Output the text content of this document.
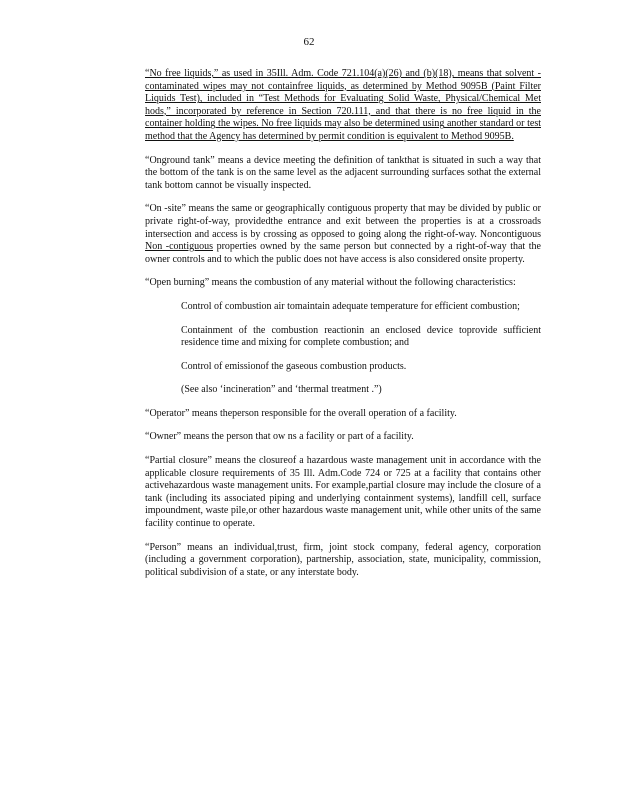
62

“No free liquids,” as used in 35Ill. Adm. Code 721.104(a)(26) and (b)(18), means that solvent -contaminated wipes may not containfree liquids, as determined by Method 9095B (Paint Filter Liquids Test), included in “Test Methods for Evaluating Solid Waste, Physical/Chemical Met hods,” incorporated by reference in Section 720.111, and that there is no free liquid in the container holding the wipes. No free liquids may also be determined using another standard or test method that the Agency has determined by permit condition is equivalent to Method 9095B.

“Onground tank” means a device meeting the definition of tankthat is situated in such a way that the bottom of the tank is on the same level as the adjacent surrounding surfaces sothat the external tank bottom cannot be visually inspected.

“On -site” means the same or geographically contiguous property that may be divided by public or private right-of-way, providedthe entrance and exit between the properties is at a crossroads intersection and access is by crossing as opposed to going along the right-of-way. Noncontiguous Non -contiguous properties owned by the same person but connected by a right-of-way that the owner controls and to which the public does not have access is also considered onsite property.

“Open burning” means the combustion of any material without the following characteristics:

Control of combustion air tomaintain adequate temperature for efficient combustion;

Containment of the combustion reactionin an enclosed device toprovide sufficient residence time and mixing for complete combustion; and

Control of emissionof the gaseous combustion products.

(See also ‘incineration” and ‘thermal treatment .”)

“Operator” means theperson responsible for the overall operation of a facility.

“Owner” means the person that ow ns a facility or part of a facility.

“Partial closure” means the closureof a hazardous waste management unit in accordance with the applicable closure requirements of 35 Ill. Adm.Code 724 or 725 at a facility that contains other activehazardous waste management units. For example,partial closure may include the closure of a tank (including its associated piping and underlying containment systems), landfill cell, surface impoundment, waste pile,or other hazardous waste management unit, while other units of the same facility continue to operate.

“Person” means an individual,trust, firm, joint stock company, federal agency, corporation (including a government corporation), partnership, association, state, municipality, commission, political subdivision of a state, or any interstate body.
